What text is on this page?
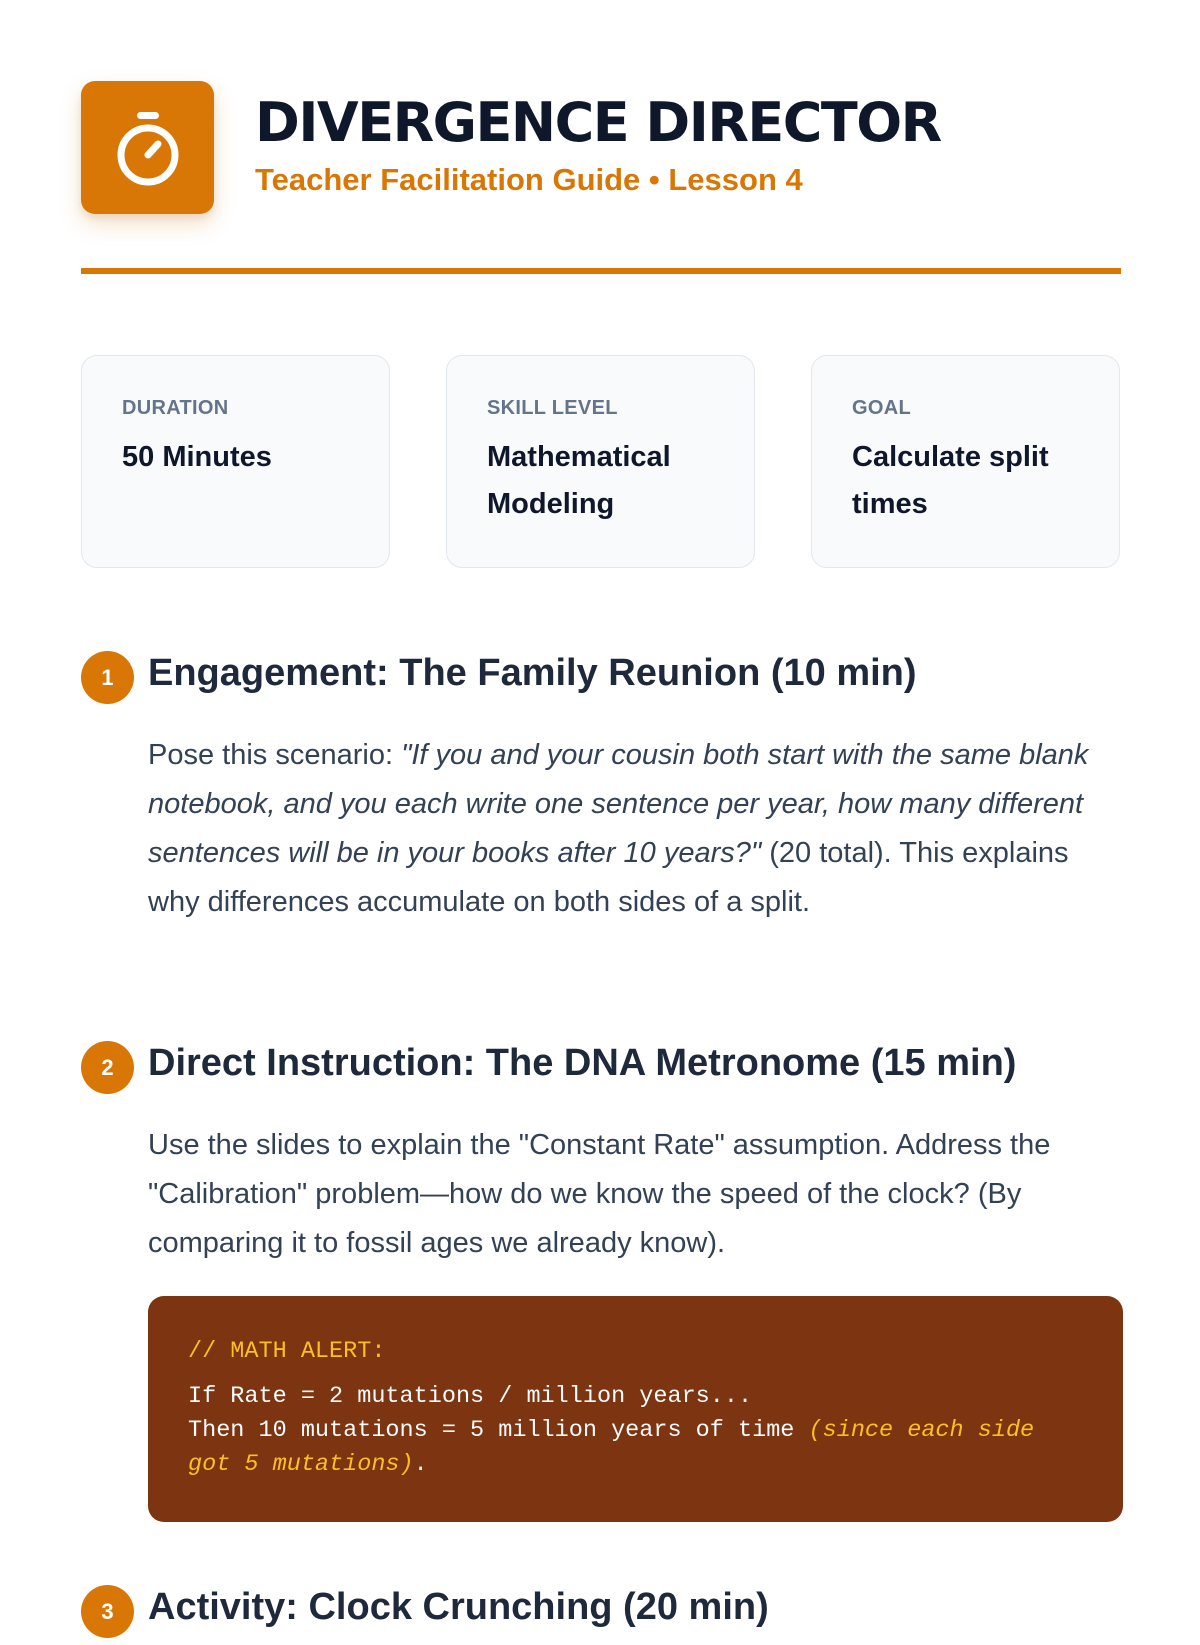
DIVERGENCE DIRECTOR

Teacher Facilitation Guide • Lesson 4

DURATION

50 Minutes

SKILL LEVEL

Mathematical Modeling

GOAL

Calculate split times

1 Engagement: The Family Reunion (10 min)

Pose this scenario: "If you and your cousin both start with the same blank notebook, and you each write one sentence per year, how many different sentences will be in your books after 10 years?" (20 total). This explains why differences accumulate on both sides of a split.

2 Direct Instruction: The DNA Metronome (15 min)

Use the slides to explain the "Constant Rate" assumption. Address the "Calibration" problem—how do we know the speed of the clock? (By comparing it to fossil ages we already know).

// MATH ALERT:

If Rate = 2 mutations / million years...

Then 10 mutations = 5 million years of time (since each side got 5 mutations).

3 Activity: Clock Crunching (20 min)
